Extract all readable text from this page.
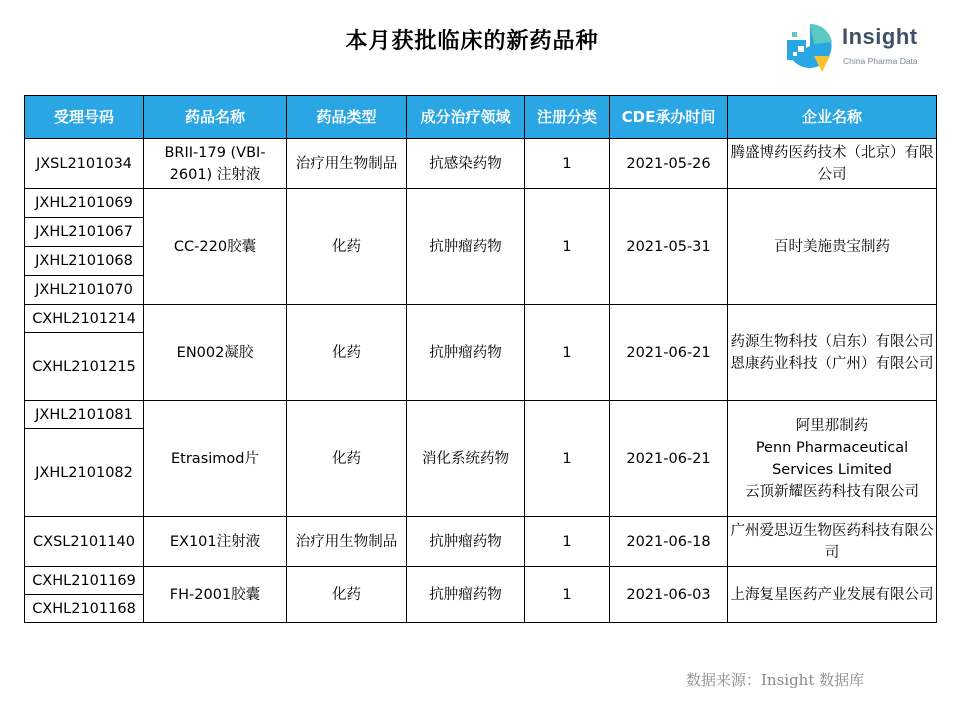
本月获批临床的新药品种	Insight
China Pharma Data
受理号码	药品名称	药品类型	成分治疗领域	注册分类	CDE承办时间	企业名称
JXSL2101034	BRII-179 (VBI-2601) 注射液	治疗用生物制品	抗感染药物	1	2021-05-26	腾盛博药医药技术（北京）有限公司

JXHL2101069	CC-220胶囊	化药	抗肿瘤药物	1	2021-05-31	百时美施贵宝制药

JXHL2101067						
JXHL2101068						
JXHL2101070						
CXHL2101214	EN002凝胶	化药	抗肿瘤药物	1	2021-06-21	药源生物科技（启东）有限公司
恩康药业科技（广州）有限公司

CXHL2101215						
JXHL2101081	Etrasimod片	化药	消化系统药物	1	2021-06-21	阿里那制药
Penn Pharmaceutical Services Limited
云顶新耀医药科技有限公司

JXHL2101082						
CXSL2101140	EX101注射液	治疗用生物制品	抗肿瘤药物	1	2021-06-18	广州爱思迈生物医药科技有限公司

CXHL2101169	FH-2001胶囊	化药	抗肿瘤药物	1	2021-06-03	上海复星医药产业发展有限公司

CXHL2101168						
数据来源：Insight 数据库
